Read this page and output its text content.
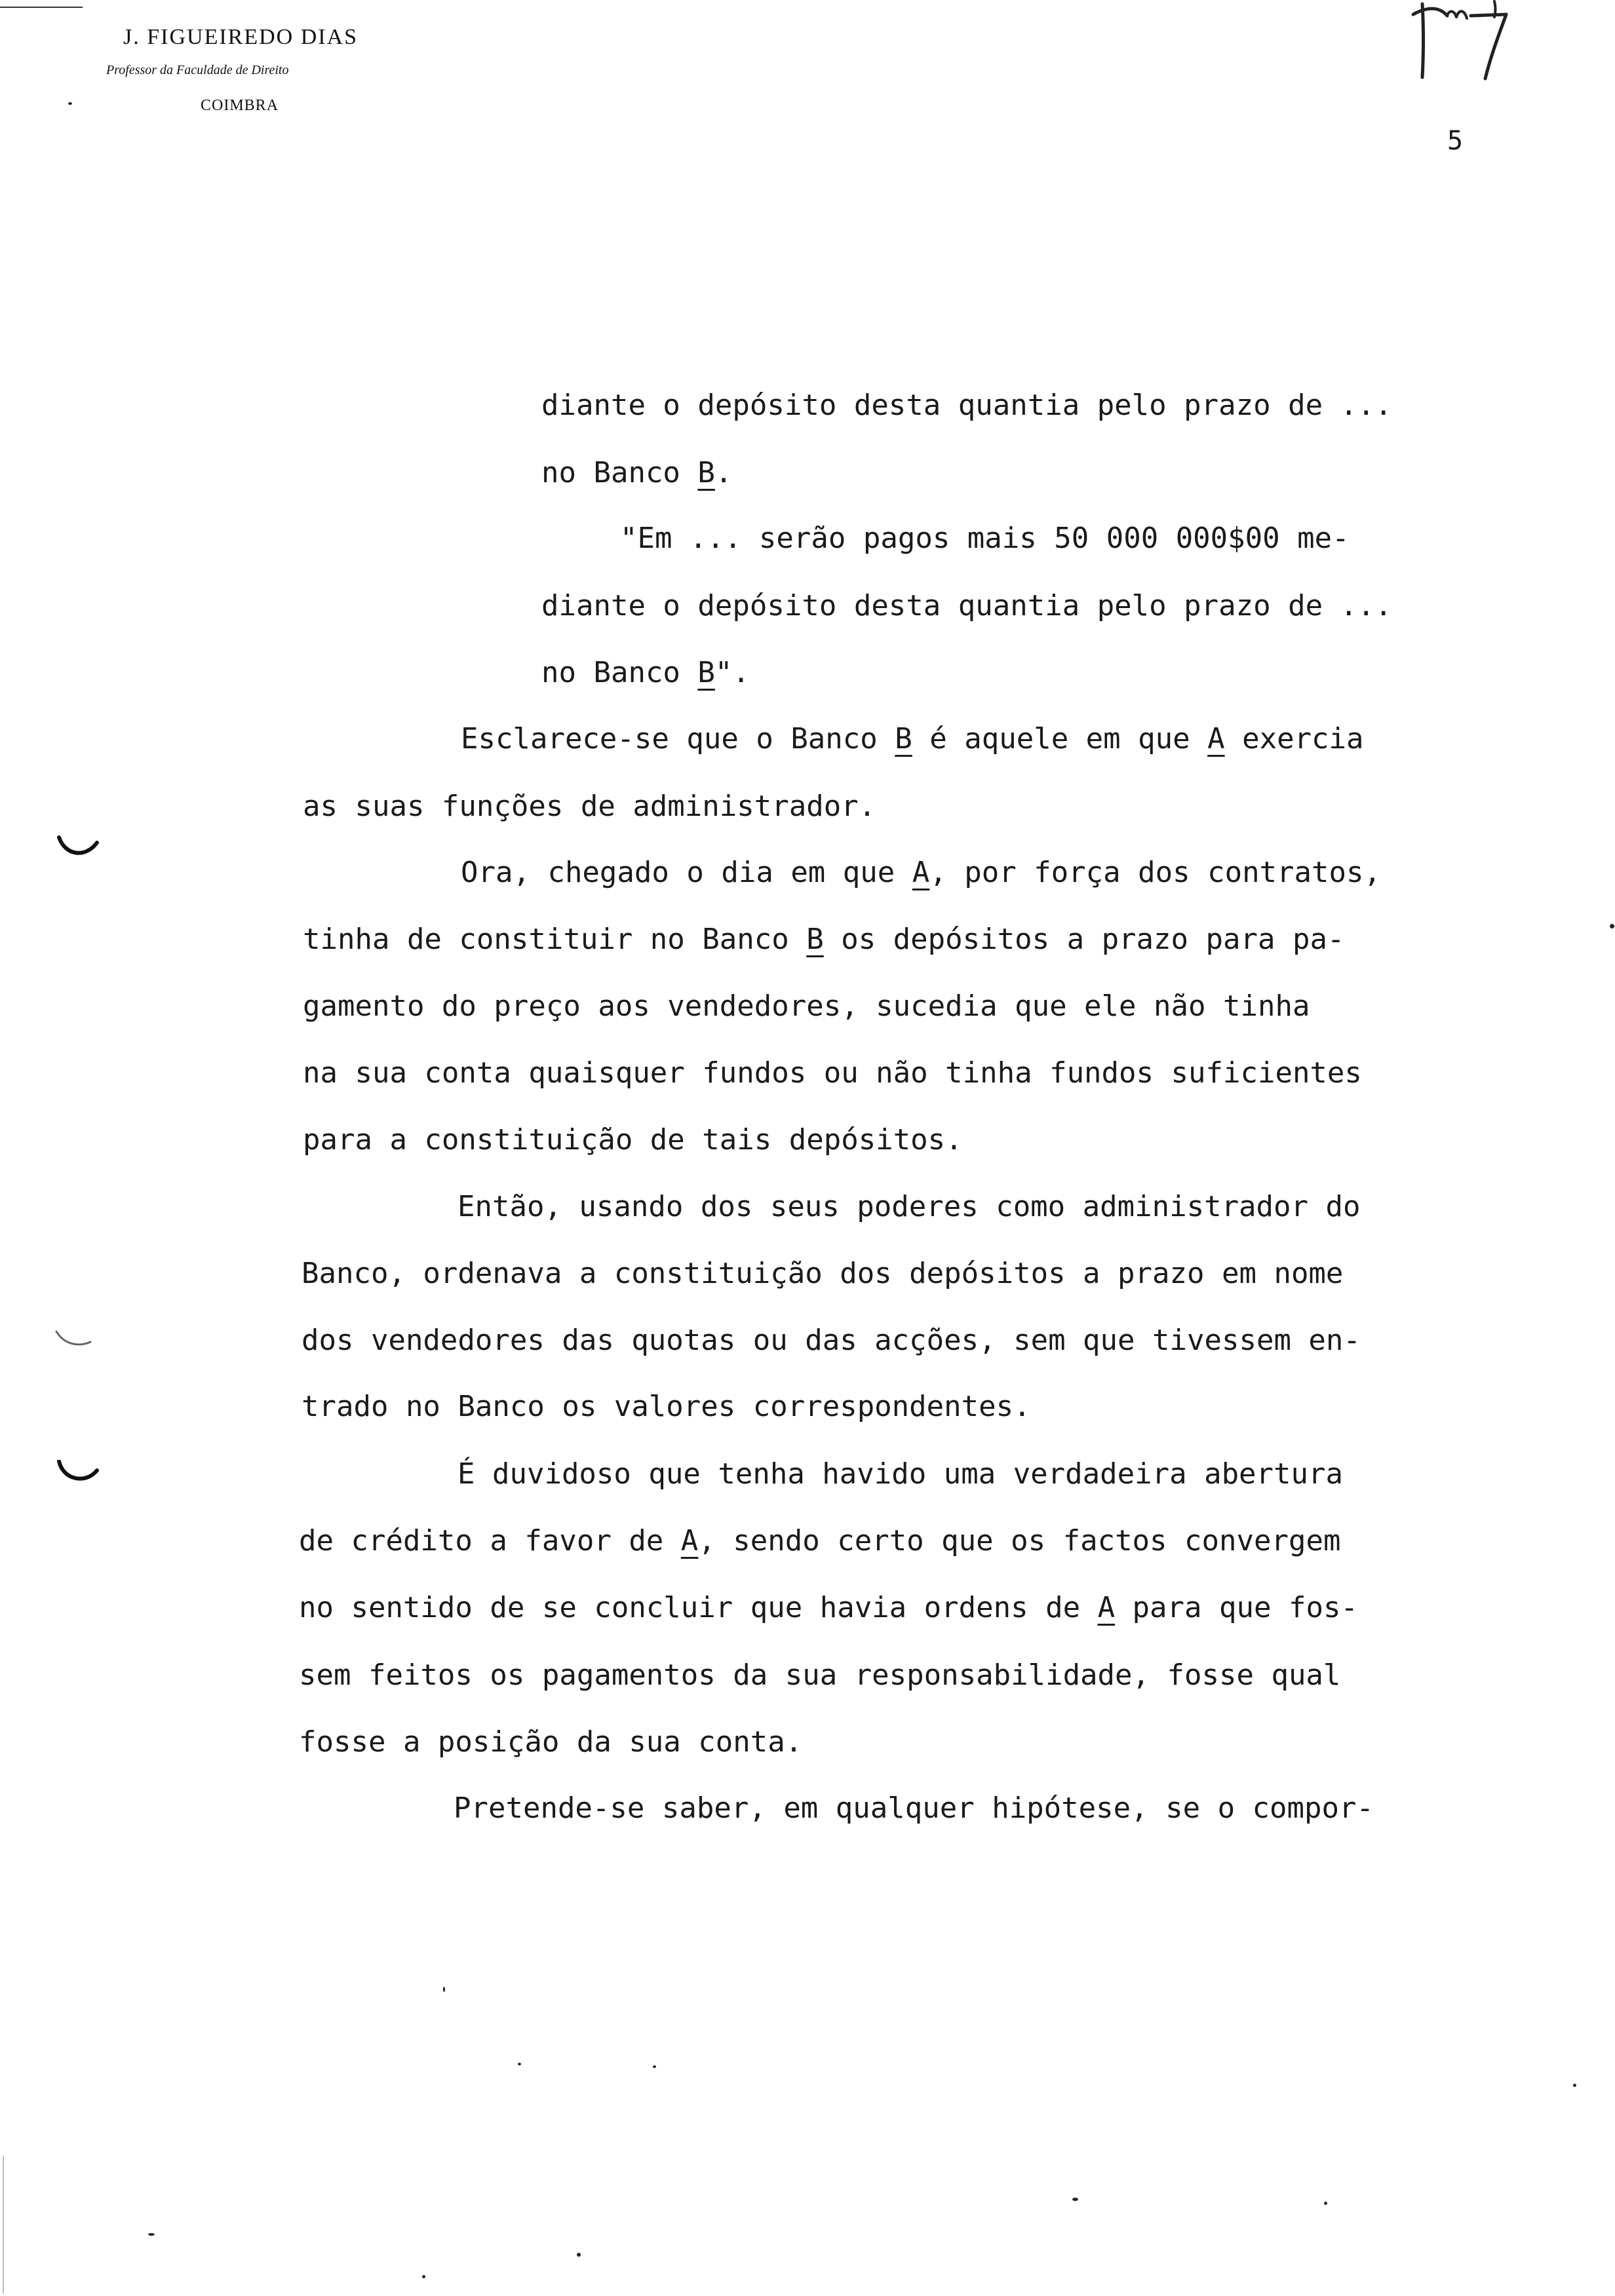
J. FIGUEIREDO DIAS
Professor da Faculdade de Direito
COIMBRA
5
diante o depósito desta quantia pelo prazo de ...
no Banco B.
"Em ... serão pagos mais 50 000 000$00 me-
diante o depósito desta quantia pelo prazo de ...
no Banco B".
Esclarece-se que o Banco B é aquele em que A exercia
as suas funções de administrador.
Ora, chegado o dia em que A, por força dos contratos,
tinha de constituir no Banco B os depósitos a prazo para pa-
gamento do preço aos vendedores, sucedia que ele não tinha
na sua conta quaisquer fundos ou não tinha fundos suficientes
para a constituição de tais depósitos.
Então, usando dos seus poderes como administrador do
Banco, ordenava a constituição dos depósitos a prazo em nome
dos vendedores das quotas ou das acções, sem que tivessem en-
trado no Banco os valores correspondentes.
É duvidoso que tenha havido uma verdadeira abertura
de crédito a favor de A, sendo certo que os factos convergem
no sentido de se concluir que havia ordens de A para que fos-
sem feitos os pagamentos da sua responsabilidade, fosse qual
fosse a posição da sua conta.
Pretende-se saber, em qualquer hipótese, se o compor-
